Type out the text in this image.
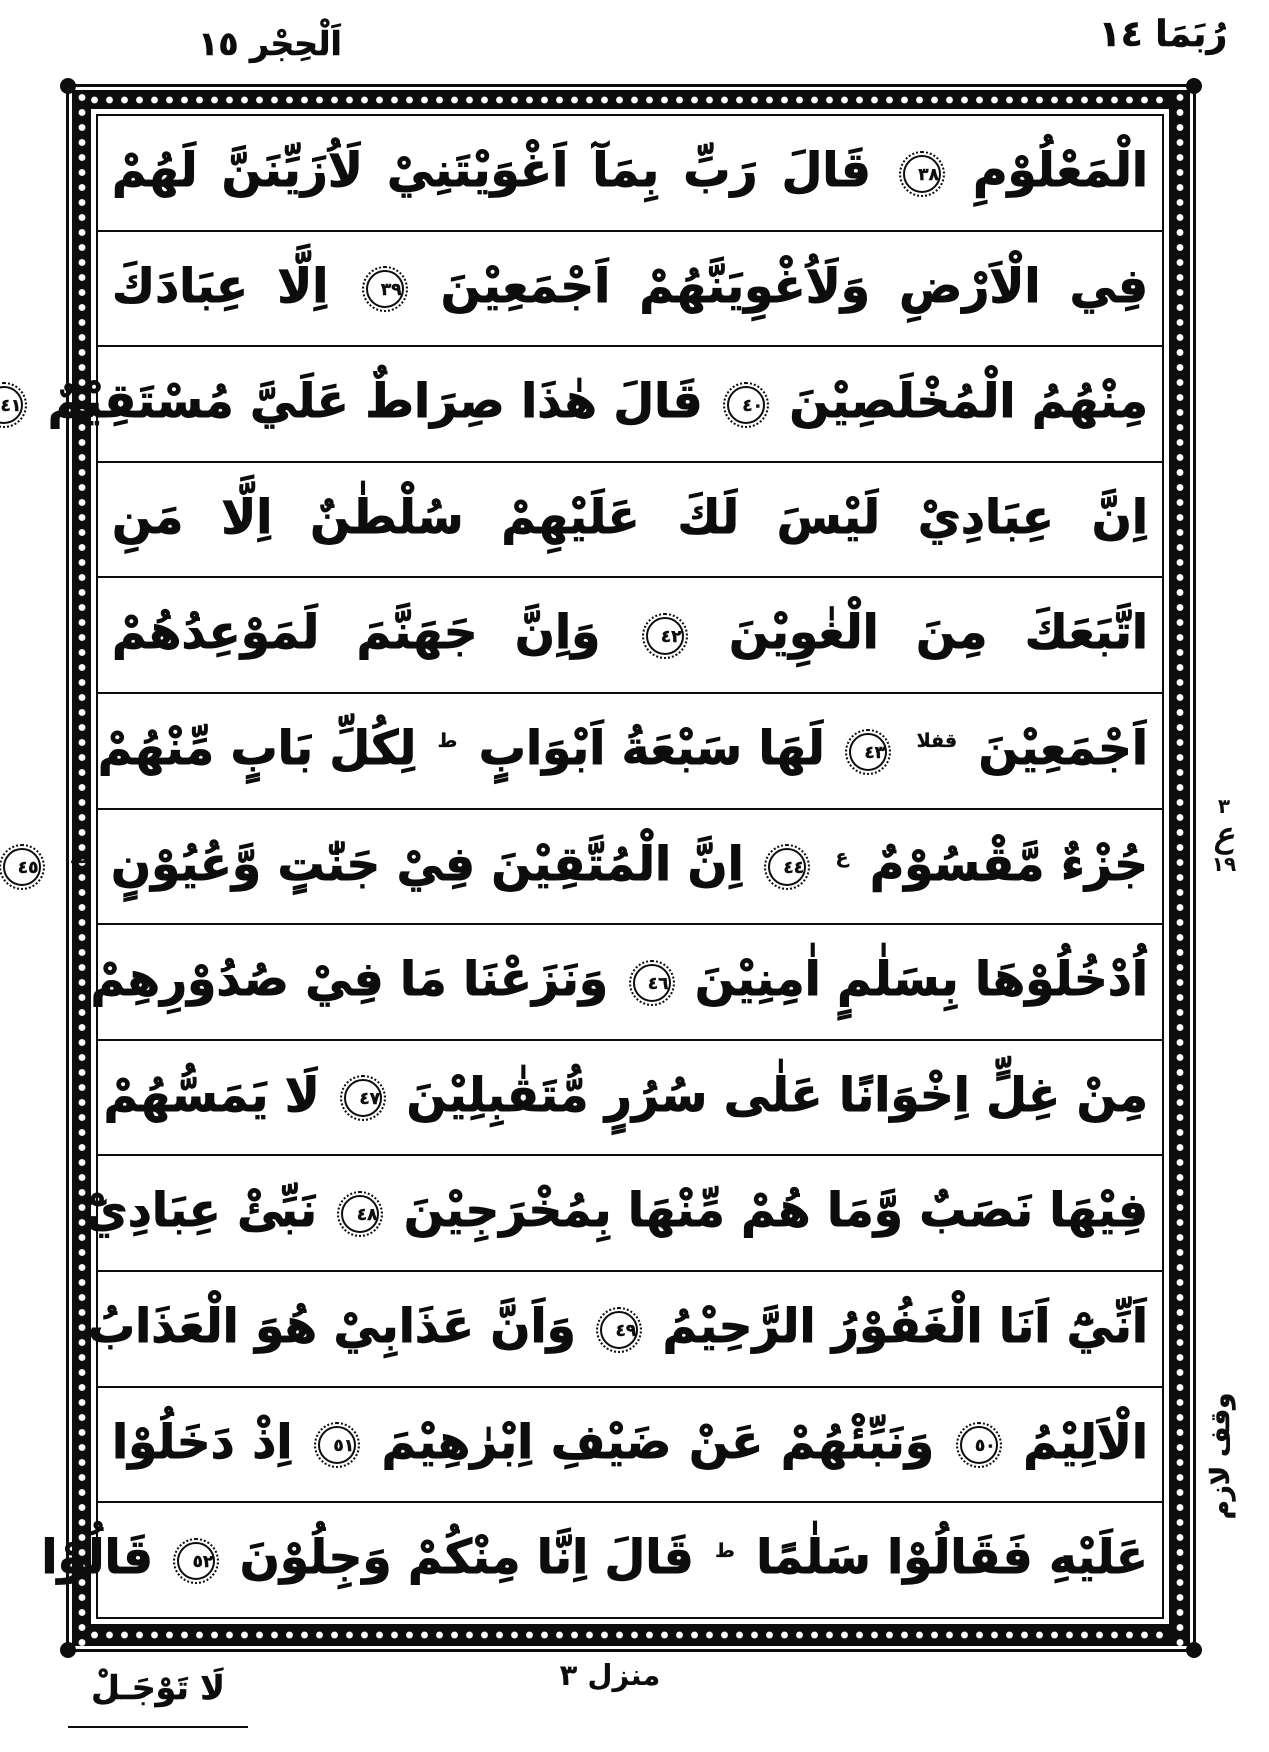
اَلْحِجْر ١٥	رُبَمَا ١٤
الْمَعْلُوْمِ ٣٨ قَالَ رَبِّ بِمَآ اَغْوَيْتَنِيْ لَاُزَيِّنَنَّ لَهُمْ
فِي الْاَرْضِ وَلَاُغْوِيَنَّهُمْ اَجْمَعِيْنَ ٣٩ اِلَّا عِبَادَكَ
مِنْهُمُ الْمُخْلَصِيْنَ ٤٠ قَالَ هٰذَا صِرَاطٌ عَلَيَّ مُسْتَقِيْمٌ ٤١
اِنَّ عِبَادِيْ لَيْسَ لَكَ عَلَيْهِمْ سُلْطٰنٌ اِلَّا مَنِ
اتَّبَعَكَ مِنَ الْغٰوِيْنَ ٤٢ وَاِنَّ جَهَنَّمَ لَمَوْعِدُهُمْ
اَجْمَعِيْنَ قفلا ٤٣ لَهَا سَبْعَةُ اَبْوَابٍ ط لِكُلِّ بَابٍ مِّنْهُمْ
جُزْءٌ مَّقْسُوْمٌ ع ٤٤ اِنَّ الْمُتَّقِيْنَ فِيْ جَنّٰتٍ وَّعُيُوْنٍ ط ٤٥
اُدْخُلُوْهَا بِسَلٰمٍ اٰمِنِيْنَ ٤٦ وَنَزَعْنَا مَا فِيْ صُدُوْرِهِمْ
مِنْ غِلٍّ اِخْوَانًا عَلٰى سُرُرٍ مُّتَقٰبِلِيْنَ ٤٧ لَا يَمَسُّهُمْ
فِيْهَا نَصَبٌ وَّمَا هُمْ مِّنْهَا بِمُخْرَجِيْنَ ٤٨ نَبِّئْ عِبَادِيْٓ
اَنِّيْٓ اَنَا الْغَفُوْرُ الرَّحِيْمُ ٤٩ وَاَنَّ عَذَابِيْ هُوَ الْعَذَابُ
الْاَلِيْمُ ٥٠ وَنَبِّئْهُمْ عَنْ ضَيْفِ اِبْرٰهِيْمَ ٥١ اِذْ دَخَلُوْا
عَلَيْهِ فَقَالُوْا سَلٰمًا ط قَالَ اِنَّا مِنْكُمْ وَجِلُوْنَ ٥٢ قَالُوْا
٣
ع
١٩
وقف لازم
منزل ٣
لَا تَوْجَـلْ
